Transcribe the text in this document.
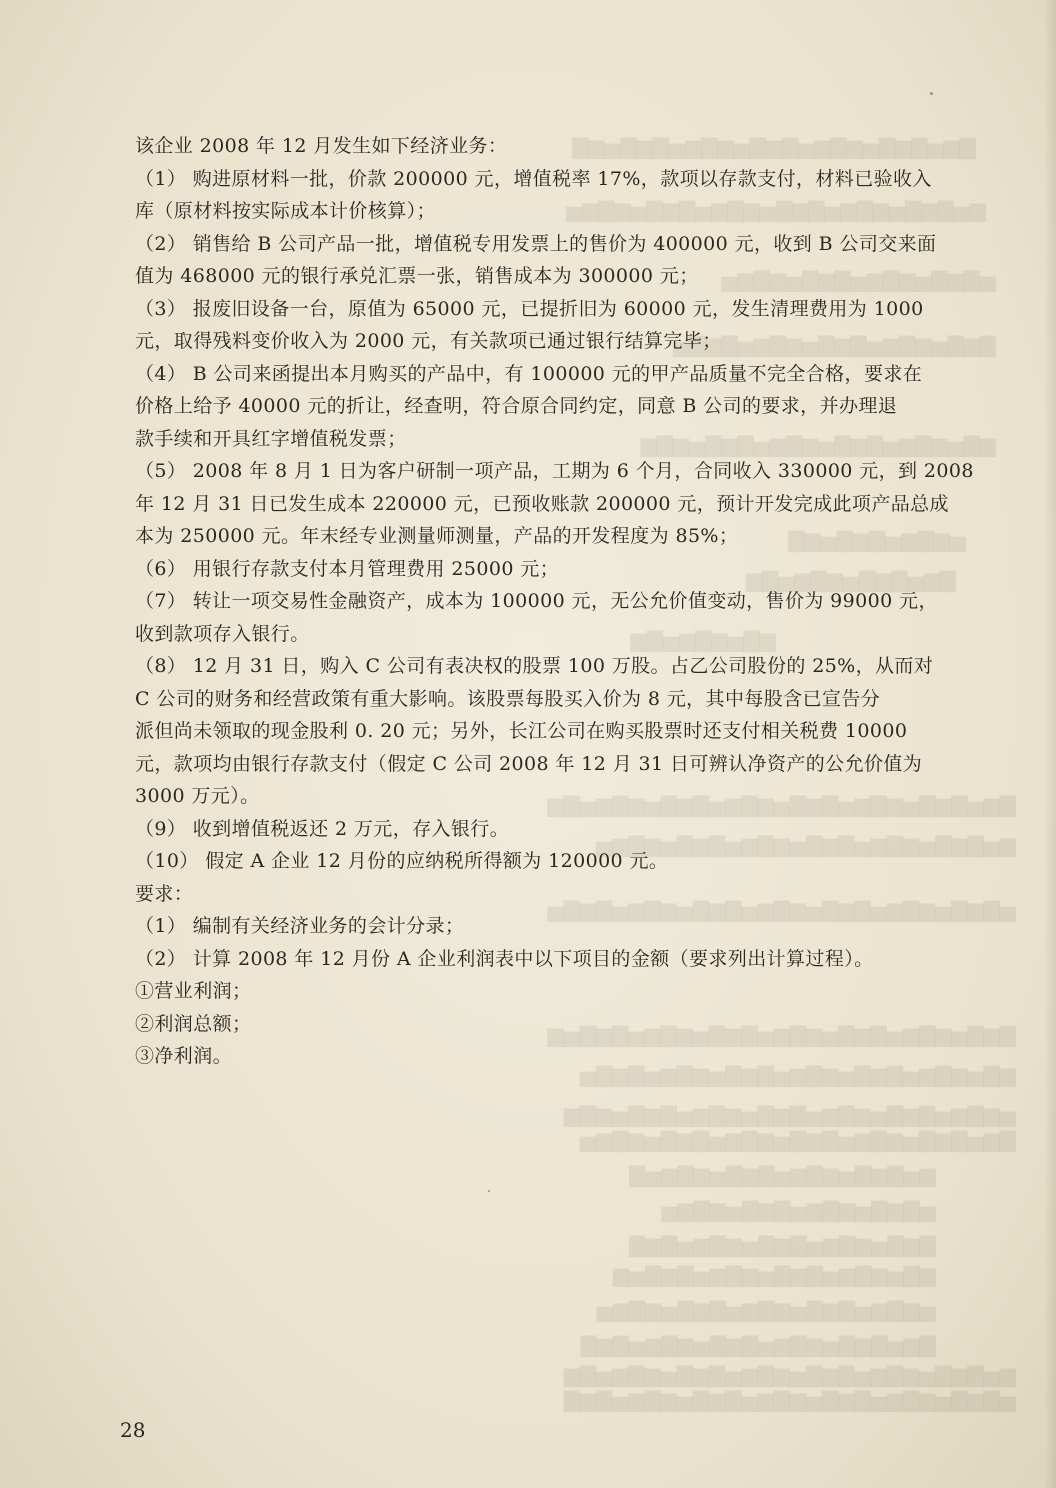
▇▆▅▇▆▇▅▆▇▆▅▇▆▇▅▆▇▆▅▇▆▇▅▆▇
▆▅▇▆▇▅▆▇▆▅▇▆▇▅▆▇▆▅▇▆▇▅▆▇▆▅
▅▇▆▇▅▆▇▆▅▇▆▇▅▆▇▆▅
▇▆▇▅▆▇▆▅▇▆▇▅▆▇▆▅▇▆▇▅
▆▇▅▆▇▆▅▇▆▇▅▆▇▆▅▇▆▇▅▆▇▆
▅▆▇▆▅▇▆▇▅▆▇
▇▆▅▇▆▇▅▆▇▆▅▇▆
▆▇▅▆▇▆▅▇▆
▇▆▅▇▆▇▅▆▇▆▅▇▆▇▅▆▇▆▅▇▆▇▅▆▇▆▅▇▆
▆▅▇▆▇▅▆▇▆▅▇▆▇▅▆▇▆▅▇▆▇▅▆▇▆▅
▅▇▆▇▅▆▇▆▅▇▆▇▅▆▇▆▅▇▆▇▅▆▇▆▅▇▆▇▅
▇▆▇▅▆▇▆▅▇▆▇▅▆▇▆▅▇▆▇▅▆▇▆▅▇▆▇▅▆
▆▇▅▆▇▆▅▇▆▇▅▆▇▆▅▇▆▇▅▆▇▆▅▇▆▇▅
▅▆▇▆▅▇▆▇▅▆▇▆▅▇▆▇▅▆▇▆▅▇▆▇▅▆▇▆
▇▆▅▇▆▇▅▆▇▆▅▇▆▇▅▆▇▆▅▇▆▇▅▆▇▆▅
▆▅▇▆▇▅▆▇▆▅▇▆▇▅▆▇▆▅▇
▅▇▆▇▅▆▇▆▅▇▆▇▅▆▇▆▅
▇▆▇▅▆▇▆▅▇▆▇▅▆▇▆▅▇▆▇
▆▇▅▆▇▆▅▇▆▇▅▆▇▆▅▇▆▇▅▆
▅▆▇▆▅▇▆▇▅▆▇▆▅▇▆▇▅▆▇▆▅
▇▆▅▇▆▇▅▆▇▆▅▇▆▇▅▆▇▆▅▇▆▇
▆▅▇▆▇▅▆▇▆▅▇▆▇▅▆▇▆▅▇▆▇▅▆▇▆▅▇▆
▅▇▆▇▅▆▇▆▅▇▆▇▅▆▇▆▅▇▆▇▅▆▇▆▅▇▆▇
该企业 2008 年 12 月发生如下经济业务：
（1） 购进原材料一批，价款 200000 元，增值税率 17%，款项以存款支付，材料已验收入
库（原材料按实际成本计价核算）；
（2） 销售给 B 公司产品一批，增值税专用发票上的售价为 400000 元，收到 B 公司交来面
值为 468000 元的银行承兑汇票一张，销售成本为 300000 元；
（3） 报废旧设备一台，原值为 65000 元，已提折旧为 60000 元，发生清理费用为 1000
元，取得残料变价收入为 2000 元，有关款项已通过银行结算完毕；
（4） B 公司来函提出本月购买的产品中，有 100000 元的甲产品质量不完全合格，要求在
价格上给予 40000 元的折让，经查明，符合原合同约定，同意 B 公司的要求，并办理退
款手续和开具红字增值税发票；
（5） 2008 年 8 月 1 日为客户研制一项产品，工期为 6 个月，合同收入 330000 元，到 2008
年 12 月 31 日已发生成本 220000 元，已预收账款 200000 元，预计开发完成此项产品总成
本为 250000 元。年末经专业测量师测量，产品的开发程度为 85%；
（6） 用银行存款支付本月管理费用 25000 元；
（7） 转让一项交易性金融资产，成本为 100000 元，无公允价值变动，售价为 99000 元，
收到款项存入银行。
（8） 12 月 31 日，购入 C 公司有表决权的股票 100 万股。占乙公司股份的 25%，从而对
C 公司的财务和经营政策有重大影响。该股票每股买入价为 8 元，其中每股含已宣告分
派但尚未领取的现金股利 0. 20 元；另外，长江公司在购买股票时还支付相关税费 10000
元，款项均由银行存款支付（假定 C 公司 2008 年 12 月 31 日可辨认净资产的公允价值为
3000 万元）。
（9） 收到增值税返还 2 万元，存入银行。
（10） 假定 A 企业 12 月份的应纳税所得额为 120000 元。
要求：
（1） 编制有关经济业务的会计分录；
（2） 计算 2008 年 12 月份 A 企业利润表中以下项目的金额（要求列出计算过程）。
①营业利润；
②利润总额；
③净利润。
28
